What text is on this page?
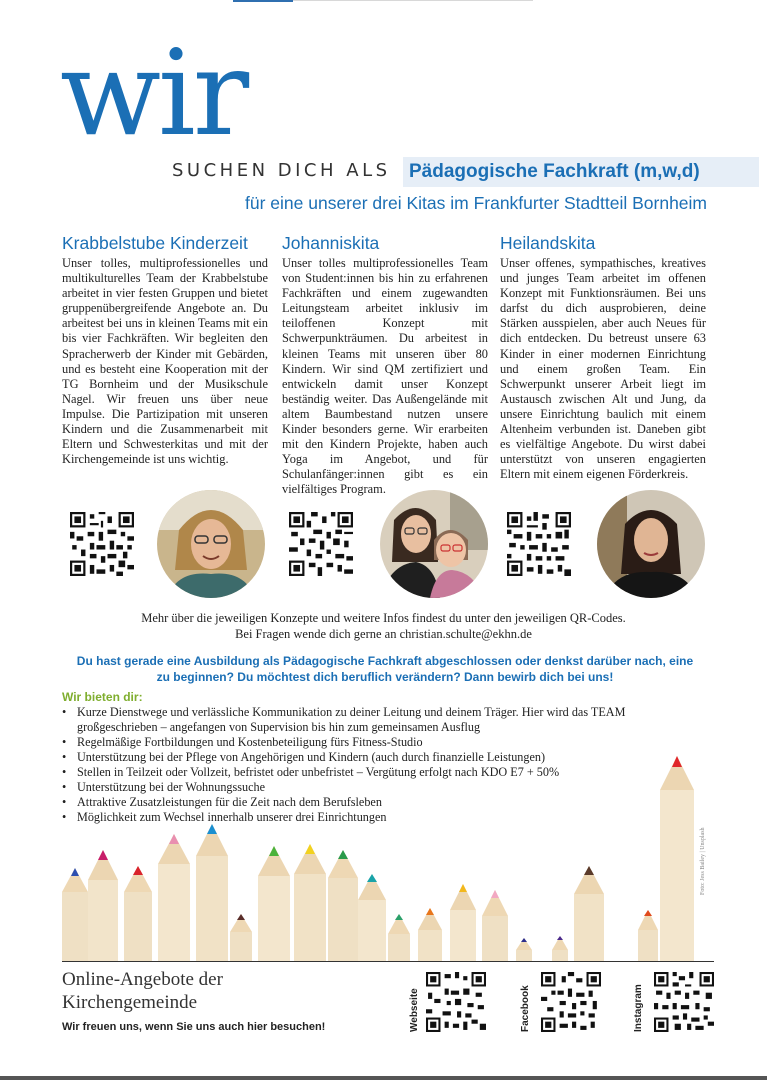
wir
SUCHEN DICH ALS Pädagogische Fachkraft (m,w,d)
für eine unserer drei Kitas im Frankfurter Stadtteil Bornheim
Krabbelstube Kinderzeit

Unser tolles, multiprofessionelles und multikulturelles Team der Krabbelstube arbeitet in vier festen Gruppen und bietet gruppenübergreifende Angebote an. Du arbeitest bei uns in kleinen Teams mit ein bis vier Fachkräften. Wir begleiten den Spracherwerb der Kinder mit Gebärden, und es besteht eine Kooperation mit der TG Bornheim und der Musikschule Nagel. Wir freuen uns über neue Impulse. Die Partizipation mit unseren Kindern und die Zusammenarbeit mit Eltern und Schwesterkitas und mit der Kirchengemeinde ist uns wichtig.

Johanniskita

Unser tolles multiprofessionelles Team von Student:innen bis hin zu erfahrenen Fachkräften und einem zugewandten Leitungsteam arbeitet inklusiv im teiloffenen Konzept mit Schwerpunkträumen. Du arbeitest in kleinen Teams mit unseren über 80 Kindern. Wir sind QM zertifiziert und entwickeln damit unser Konzept beständig weiter. Das Außengelände mit altem Baumbestand nutzen unsere Kinder besonders gerne. Wir erarbeiten mit den Kindern Projekte, haben auch Yoga im Angebot, und für Schulanfänger:innen gibt es ein vielfältiges Program.

Heilandskita

Unser offenes, sympathisches, kreatives und junges Team arbeitet im offenen Konzept mit Funktionsräumen. Bei uns darfst du dich ausprobieren, deine Stärken ausspielen, aber auch Neues für dich entdecken. Du betreust unsere 63 Kinder in einer modernen Einrichtung und einem großen Team. Ein Schwerpunkt unserer Arbeit liegt im Austausch zwischen Alt und Jung, da unsere Einrichtung baulich mit einem Altenheim verbunden ist. Daneben gibt es vielfältige Angebote. Du wirst dabei unterstützt von unseren engagierten Eltern mit einem eigenen Förderkreis.

Mehr über die jeweiligen Konzepte und weitere Infos findest du unter den jeweiligen QR-Codes.
Bei Fragen wende dich gerne an christian.schulte@ekhn.de
Du hast gerade eine Ausbildung als Pädagogische Fachkraft abgeschlossen oder denkst darüber nach, eine zu beginnen? Du möchtest dich beruflich verändern? Dann bewirb dich bei uns!
Wir bieten dir:
• Kurze Dienstwege und verlässliche Kommunikation zu deiner Leitung und deinem Träger. Hier wird das TEAM großgeschrieben – angefangen von Supervision bis hin zum gemeinsamen Ausflug
• Regelmäßige Fortbildungen und Kostenbeteiligung fürs Fitness-Studio
• Unterstützung bei der Pflege von Angehörigen und Kindern (auch durch finanzielle Leistungen)
• Stellen in Teilzeit oder Vollzeit, befristet oder unbefristet – Vergütung erfolgt nach KDO E7 + 50%
• Unterstützung bei der Wohnungssuche
• Attraktive Zusatzleistungen für die Zeit nach dem Berufsleben
• Möglichkeit zum Wechsel innerhalb unserer drei Einrichtungen
Foto: Jess Bailey | Unsplash
Online-Angebote der
Kirchengemeinde
Wir freuen uns, wenn Sie uns auch hier besuchen!	Webseite	Facebook	Instagram
